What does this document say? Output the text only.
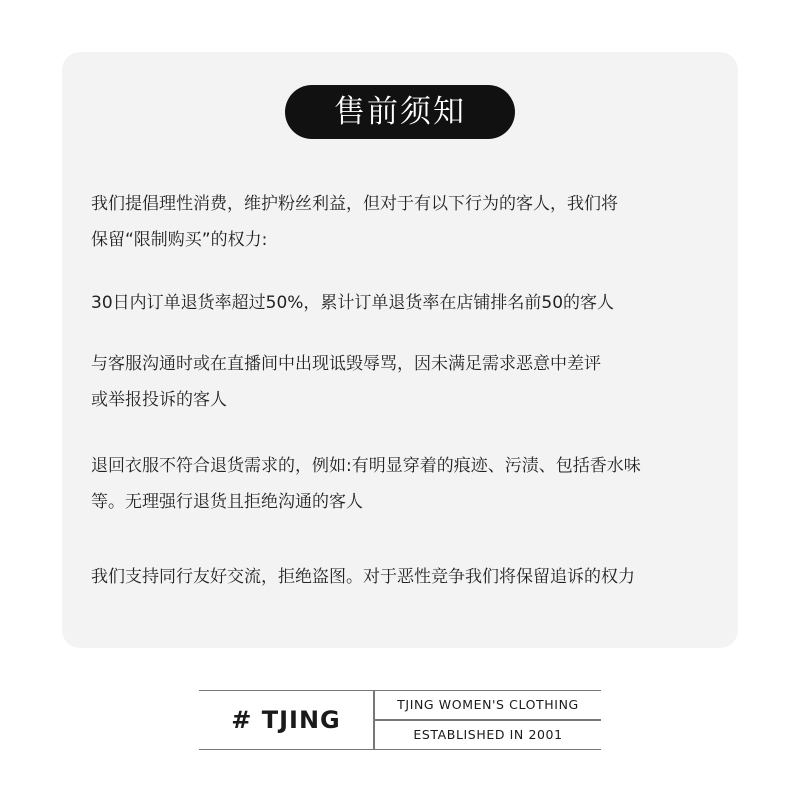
售前须知
我们提倡理性消费，维护粉丝利益，但对于有以下行为的客人，我们将
保留“限制购买”的权力:
30日内订单退货率超过50%，累计订单退货率在店铺排名前50的客人
与客服沟通时或在直播间中出现诋毁辱骂，因未满足需求恶意中差评
或举报投诉的客人
退回衣服不符合退货需求的，例如:有明显穿着的痕迹、污渍、包括香水味
等。无理强行退货且拒绝沟通的客人
我们支持同行友好交流，拒绝盗图。对于恶性竞争我们将保留追诉的权力
# TJING
TJING WOMEN'S CLOTHING
ESTABLISHED IN 2001
